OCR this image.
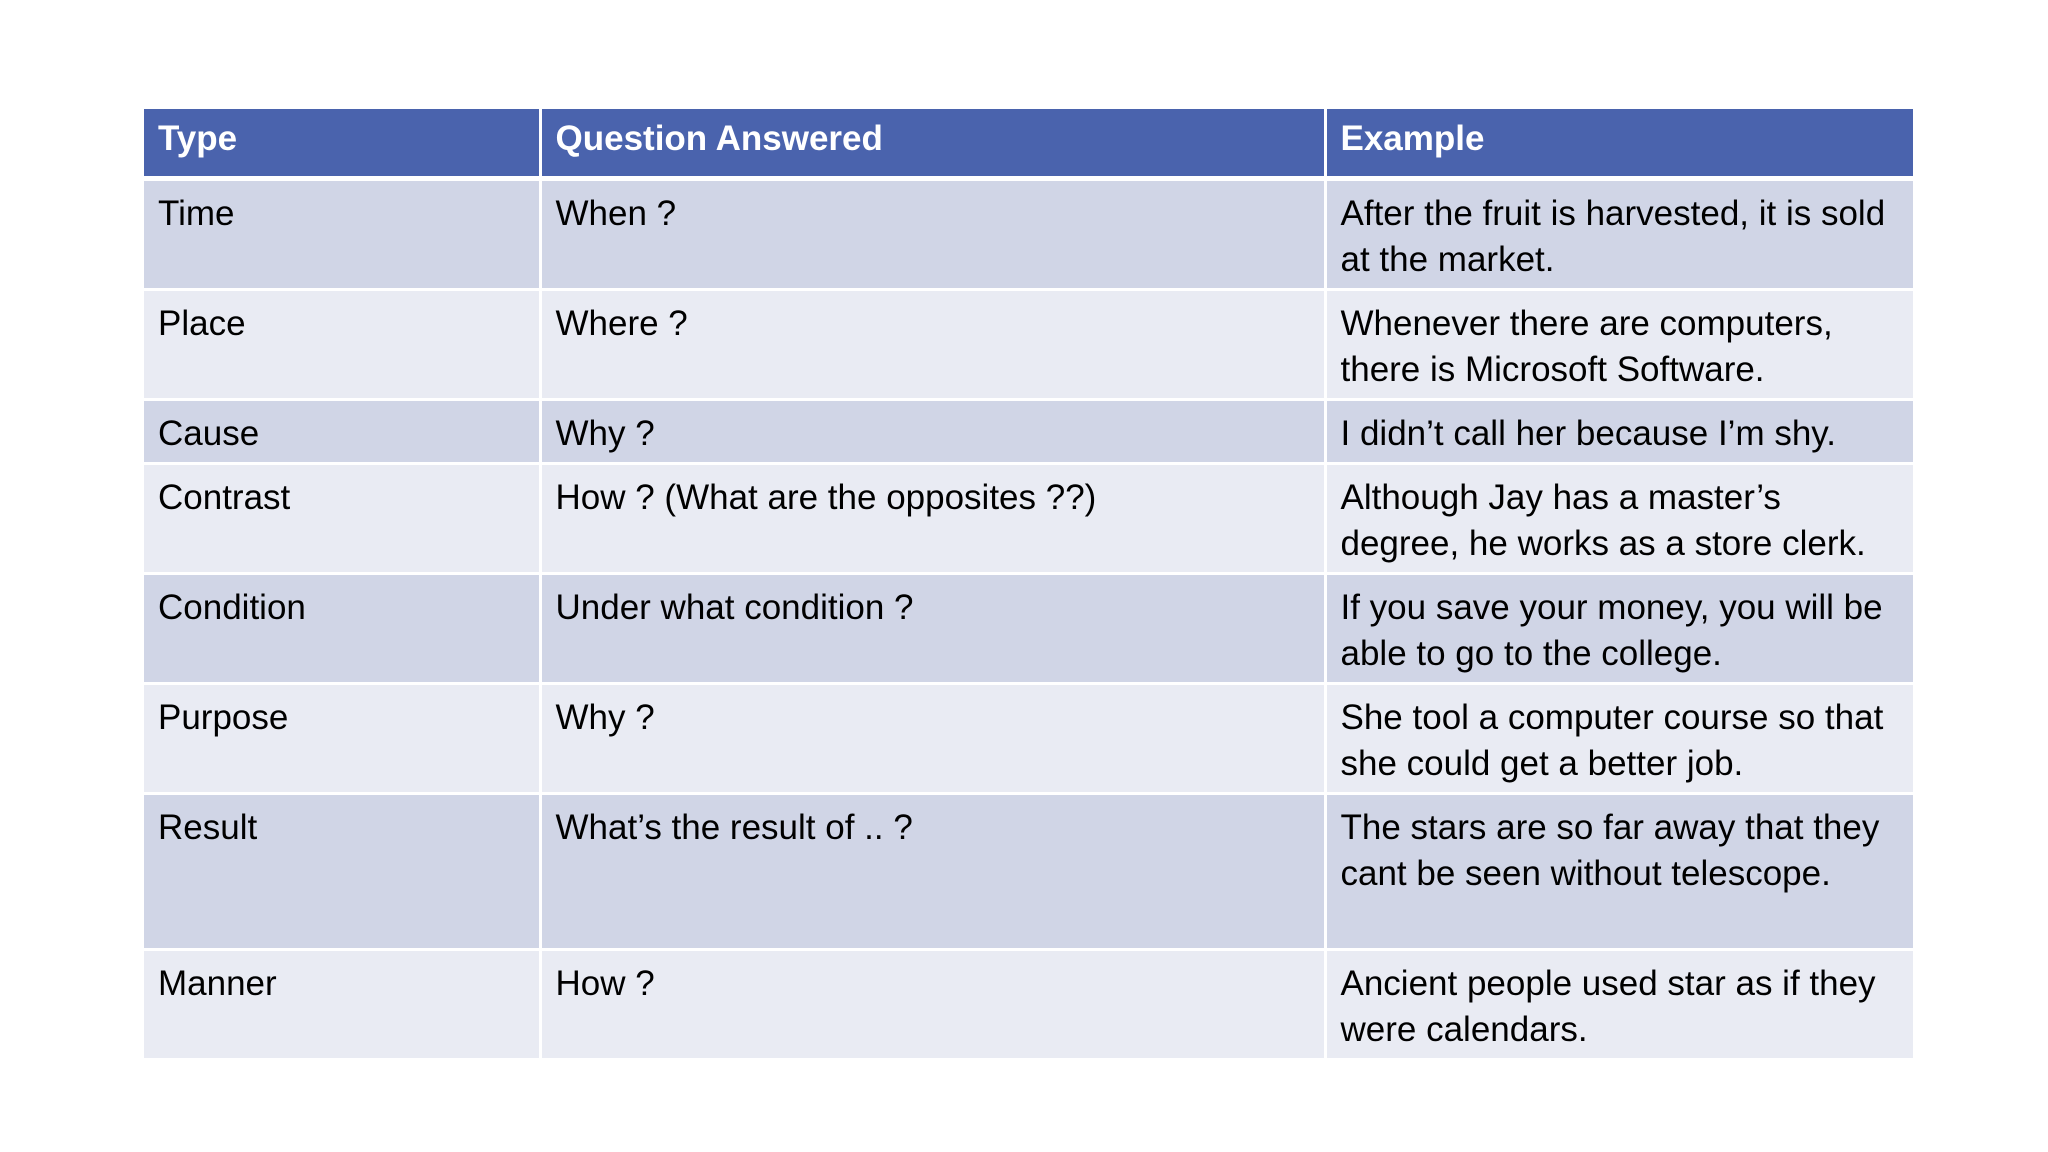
Type	Question Answered	Example
Time	When ?	After the fruit is harvested, it is sold at the market.
Place	Where ?	Whenever there are computers, there is Microsoft Software.
Cause	Why ?	I didn’t call her because I’m shy.
Contrast	How ? (What are the opposites ??)	Although Jay has a master’s degree, he works as a store clerk.
Condition	Under what condition ?	If you save your money, you will be able to go to the college.
Purpose	Why ?	She tool a computer course so that she could get a better job.
Result	What’s the result of .. ?	The stars are so far away that they cant be seen without telescope.
Manner	How ?	Ancient people used star as if they were calendars.
